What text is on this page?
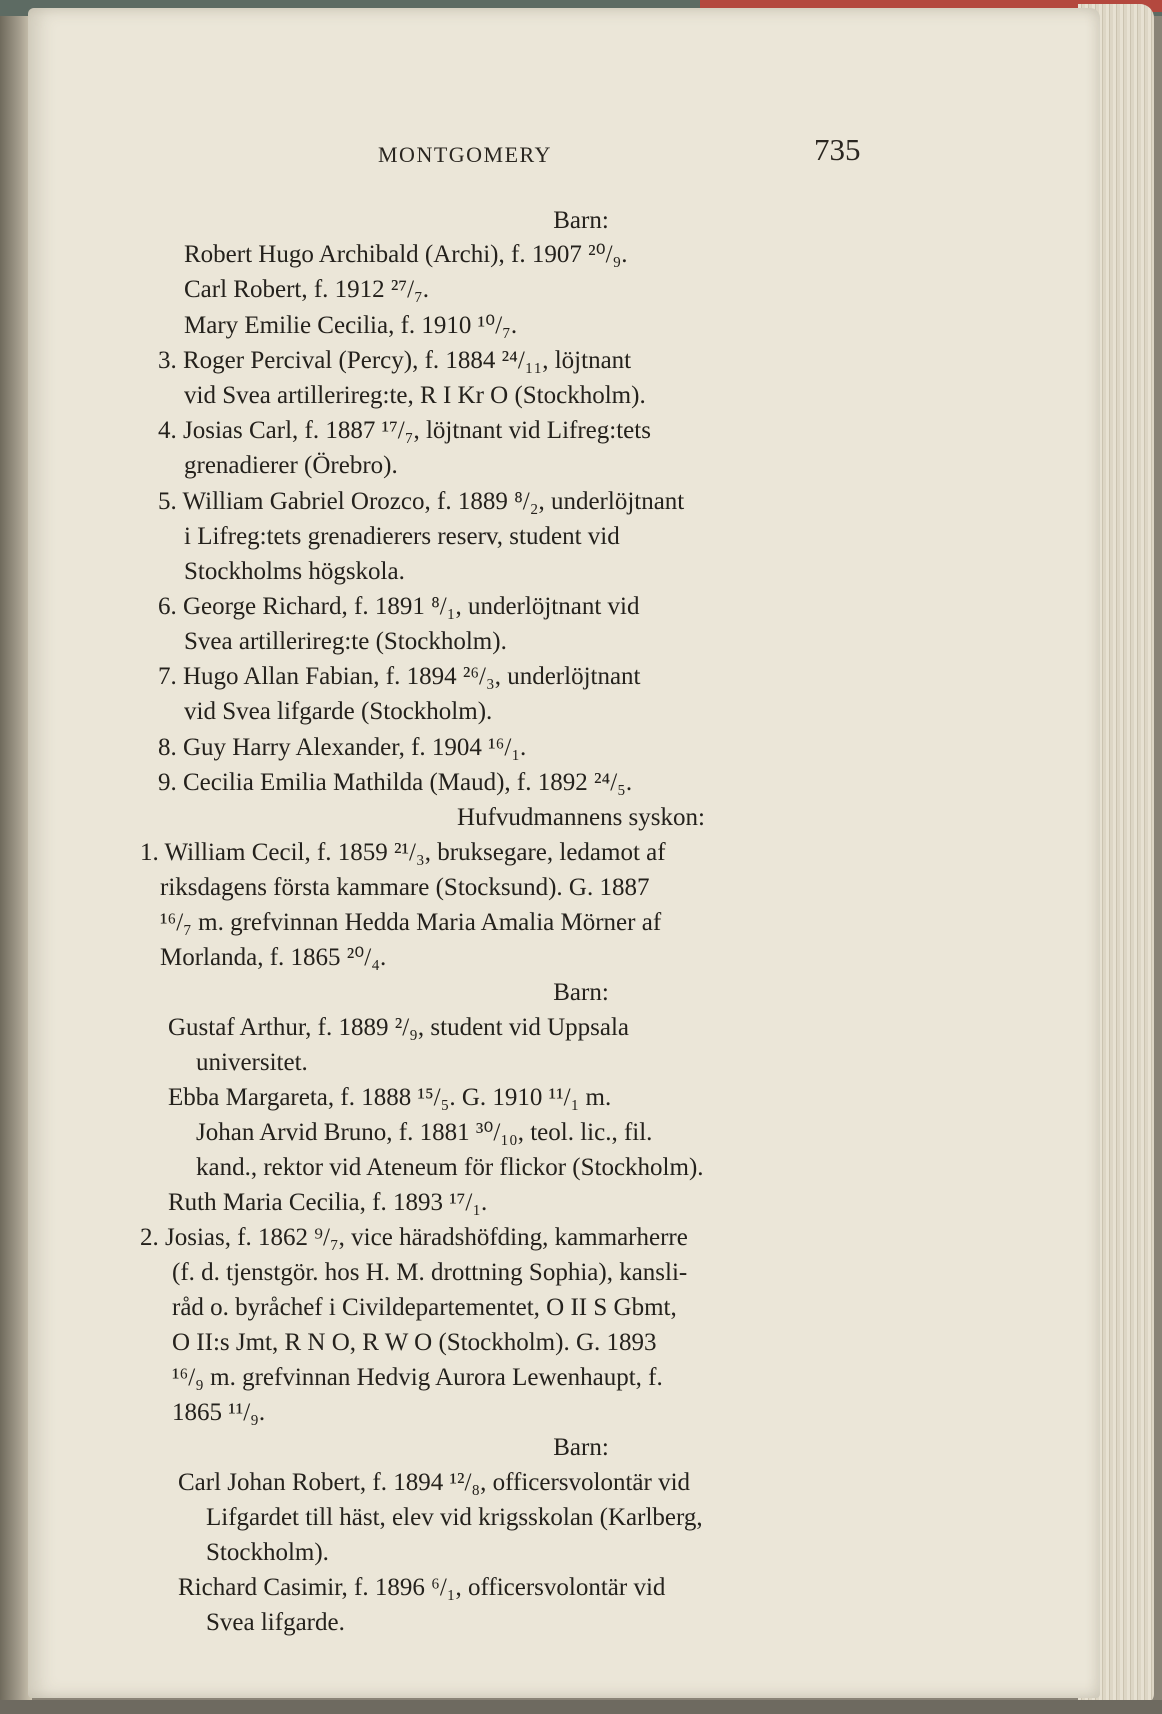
MONTGOMERY	735
Barn:
Robert Hugo Archibald (Archi), f. 1907 ²⁰/₉.
Carl Robert, f. 1912 ²⁷/₇.
Mary Emilie Cecilia, f. 1910 ¹⁰/₇.
3. Roger Percival (Percy), f. 1884 ²⁴/₁₁, löjtnant
vid Svea artillerireg:te, R I Kr O (Stockholm).
4. Josias Carl, f. 1887 ¹⁷/₇, löjtnant vid Lifreg:tets
grenadierer (Örebro).
5. William Gabriel Orozco, f. 1889 ⁸/₂, underlöjtnant
i Lifreg:tets grenadierers reserv, student vid
Stockholms högskola.
6. George Richard, f. 1891 ⁸/₁, underlöjtnant vid
Svea artillerireg:te (Stockholm).
7. Hugo Allan Fabian, f. 1894 ²⁶/₃, underlöjtnant
vid Svea lifgarde (Stockholm).
8. Guy Harry Alexander, f. 1904 ¹⁶/₁.
9. Cecilia Emilia Mathilda (Maud), f. 1892 ²⁴/₅.
Hufvudmannens syskon:
1. William Cecil, f. 1859 ²¹/₃, bruksegare, ledamot af
riksdagens första kammare (Stocksund). G. 1887
¹⁶/₇ m. grefvinnan Hedda Maria Amalia Mörner af
Morlanda, f. 1865 ²⁰/₄.
Barn:
Gustaf Arthur, f. 1889 ²/₉, student vid Uppsala
universitet.
Ebba Margareta, f. 1888 ¹⁵/₅. G. 1910 ¹¹/₁ m.
Johan Arvid Bruno, f. 1881 ³⁰/₁₀, teol. lic., fil.
kand., rektor vid Ateneum för flickor (Stockholm).
Ruth Maria Cecilia, f. 1893 ¹⁷/₁.
2. Josias, f. 1862 ⁹/₇, vice häradshöfding, kammarherre
(f. d. tjenstgör. hos H. M. drottning Sophia), kansli-
råd o. byråchef i Civildepartementet, O II S Gbmt,
O II:s Jmt, R N O, R W O (Stockholm). G. 1893
¹⁶/₉ m. grefvinnan Hedvig Aurora Lewenhaupt, f.
1865 ¹¹/₉.
Barn:
Carl Johan Robert, f. 1894 ¹²/₈, officersvolontär vid
Lifgardet till häst, elev vid krigsskolan (Karlberg,
Stockholm).
Richard Casimir, f. 1896 ⁶/₁, officersvolontär vid
Svea lifgarde.
